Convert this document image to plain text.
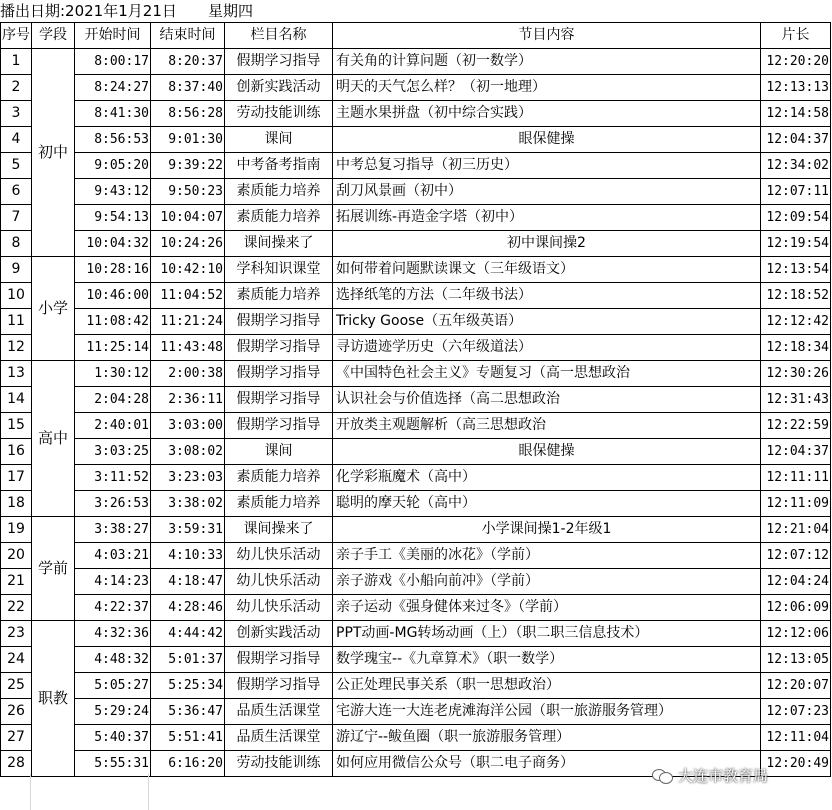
播出日期:2021年1月21日 星期四
序号	学段	开始时间	结束时间	栏目名称	节目内容	片长
1	初中	8:00:17	8:20:37	假期学习指导	有关角的计算问题（初一数学）	12:20:20
2		8:24:27	8:37:40	创新实践活动	明天的天气怎么样？（初一地理）	12:13:13
3		8:41:30	8:56:28	劳动技能训练	主题水果拼盘（初中综合实践）	12:14:58
4		8:56:53	9:01:30	课间	眼保健操	12:04:37
5		9:05:20	9:39:22	中考备考指南	中考总复习指导（初三历史）	12:34:02
6		9:43:12	9:50:23	素质能力培养	刮刀风景画（初中）	12:07:11
7		9:54:13	10:04:07	素质能力培养	拓展训练-再造金字塔（初中）	12:09:54
8		10:04:32	10:24:26	课间操来了	初中课间操2	12:19:54
9	小学	10:28:16	10:42:10	学科知识课堂	如何带着问题默读课文（三年级语文）	12:13:54
10		10:46:00	11:04:52	素质能力培养	选择纸笔的方法（二年级书法）	12:18:52
11		11:08:42	11:21:24	假期学习指导	Tricky Goose（五年级英语）	12:12:42
12		11:25:14	11:43:48	假期学习指导	寻访遗迹学历史（六年级道法）	12:18:34
13	高中	1:30:12	2:00:38	假期学习指导	《中国特色社会主义》专题复习（高一思想政治	12:30:26
14		2:04:28	2:36:11	假期学习指导	认识社会与价值选择（高二思想政治	12:31:43
15		2:40:01	3:03:00	假期学习指导	开放类主观题解析（高三思想政治	12:22:59
16		3:03:25	3:08:02	课间	眼保健操	12:04:37
17		3:11:52	3:23:03	素质能力培养	化学彩瓶魔术（高中）	12:11:11
18		3:26:53	3:38:02	素质能力培养	聪明的摩天轮（高中）	12:11:09
19	学前	3:38:27	3:59:31	课间操来了	小学课间操1-2年级1	12:21:04
20		4:03:21	4:10:33	幼儿快乐活动	亲子手工《美丽的冰花》（学前）	12:07:12
21		4:14:23	4:18:47	幼儿快乐活动	亲子游戏《小船向前冲》（学前）	12:04:24
22		4:22:37	4:28:46	幼儿快乐活动	亲子运动《强身健体来过冬》（学前）	12:06:09
23	职教	4:32:36	4:44:42	创新实践活动	PPT动画-MG转场动画（上）（职二职三信息技术）	12:12:06
24		4:48:32	5:01:37	假期学习指导	数学瑰宝--《九章算术》（职一数学）	12:13:05
25		5:05:27	5:25:34	假期学习指导	公正处理民事关系（职一思想政治）	12:20:07
26		5:29:24	5:36:47	品质生活课堂	宅游大连一大连老虎滩海洋公园（职一旅游服务管理）	12:07:23
27		5:40:37	5:51:41	品质生活课堂	游辽宁--鲅鱼圈（职一旅游服务管理）	12:11:04
28		5:55:31	6:16:20	劳动技能训练	如何应用微信公众号（职二电子商务）	12:20:49
大连市教育局
